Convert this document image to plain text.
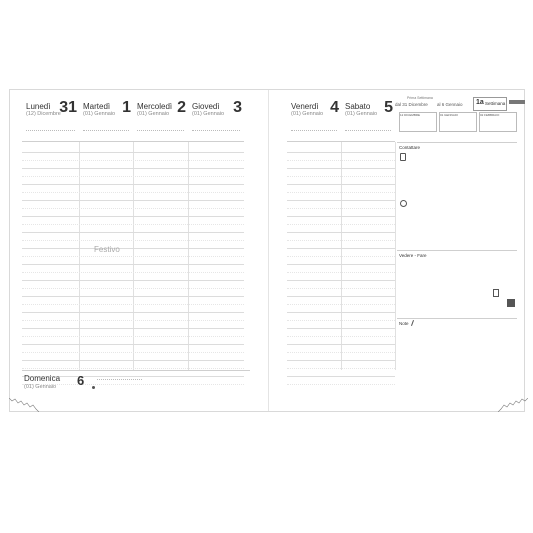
Lunedì
(12) Dicembre
31 Martedì
(01) Gennaio 1 Mercoledì
(01) Gennaio 2 Giovedì
(01) Gennaio 3
Festivo
Domenica
(01) Gennaio 6
Venerdì
(01) Gennaio 4 Sabato
(01) Gennaio 5
Prima Settimana
dal 31 Dicembre al 6 Gennaio 1a Settimana
12 DICEMBRE	01 GENNAIO	02 FEBBRAIO
Contattare
Vedere - Fare
Note
